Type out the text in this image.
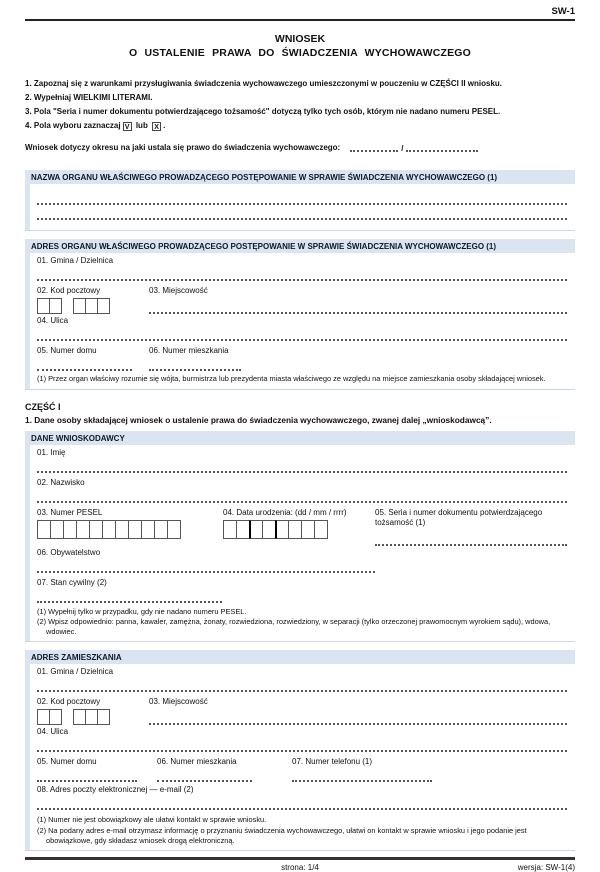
SW-1
WNIOSEK
O USTALENIE PRAWA DO ŚWIADCZENIA WYCHOWAWCZEGO
1. Zapoznaj się z warunkami przysługiwania świadczenia wychowawczego umieszczonymi w pouczeniu w CZĘŚCI II wniosku.
2. Wypełniaj WIELKIMI LITERAMI.
3. Pola "Seria i numer dokumentu potwierdzającego tożsamość" dotyczą tylko tych osób, którym nie nadano numeru PESEL.
4. Pola wyboru zaznaczaj V lub X .
Wniosek dotyczy okresu na jaki ustala się prawo do świadczenia wychowawczego:	/
NAZWA ORGANU WŁAŚCIWEGO PROWADZĄCEGO POSTĘPOWANIE W SPRAWIE ŚWIADCZENIA WYCHOWAWCZEGO (1)
ADRES ORGANU WŁAŚCIWEGO PROWADZĄCEGO POSTĘPOWANIE W SPRAWIE ŚWIADCZENIA WYCHOWAWCZEGO (1)
01. Gmina / Dzielnica
02. Kod pocztowy	03. Miejscowość
04. Ulica
05. Numer domu	06. Numer mieszkania
(1) Przez organ właściwy rozumie się wójta, burmistrza lub prezydenta miasta właściwego ze względu na miejsce zamieszkania osoby składającej wniosek.
CZĘŚĆ I
1. Dane osoby składającej wniosek o ustalenie prawa do świadczenia wychowawczego, zwanej dalej „wnioskodawcą”.
DANE WNIOSKODAWCY
01. Imię
02. Nazwisko
03. Numer PESEL	04. Data urodzenia: (dd / mm / rrrr)	05. Seria i numer dokumentu potwierdzającego tożsamość (1)
06. Obywatelstwo
07. Stan cywilny (2)
(1) Wypełnij tylko w przypadku, gdy nie nadano numeru PESEL.
(2) Wpisz odpowiednio: panna, kawaler, zamężna, żonaty, rozwiedziona, rozwiedziony, w separacji (tylko orzeczonej prawomocnym wyrokiem sądu), wdowa, wdowiec.
ADRES ZAMIESZKANIA
01. Gmina / Dzielnica
02. Kod pocztowy	03. Miejscowość
04. Ulica
05. Numer domu	06. Numer mieszkania	07. Numer telefonu (1)
08. Adres poczty elektronicznej — e-mail (2)
(1) Numer nie jest obowiązkowy ale ułatwi kontakt w sprawie wniosku.
(2) Na podany adres e-mail otrzymasz informację o przyznaniu świadczenia wychowawczego, ułatwi on kontakt w sprawie wniosku i jego podanie jest obowiązkowe, gdy składasz wniosek drogą elektroniczną.
strona: 1/4	wersja: SW-1(4)
